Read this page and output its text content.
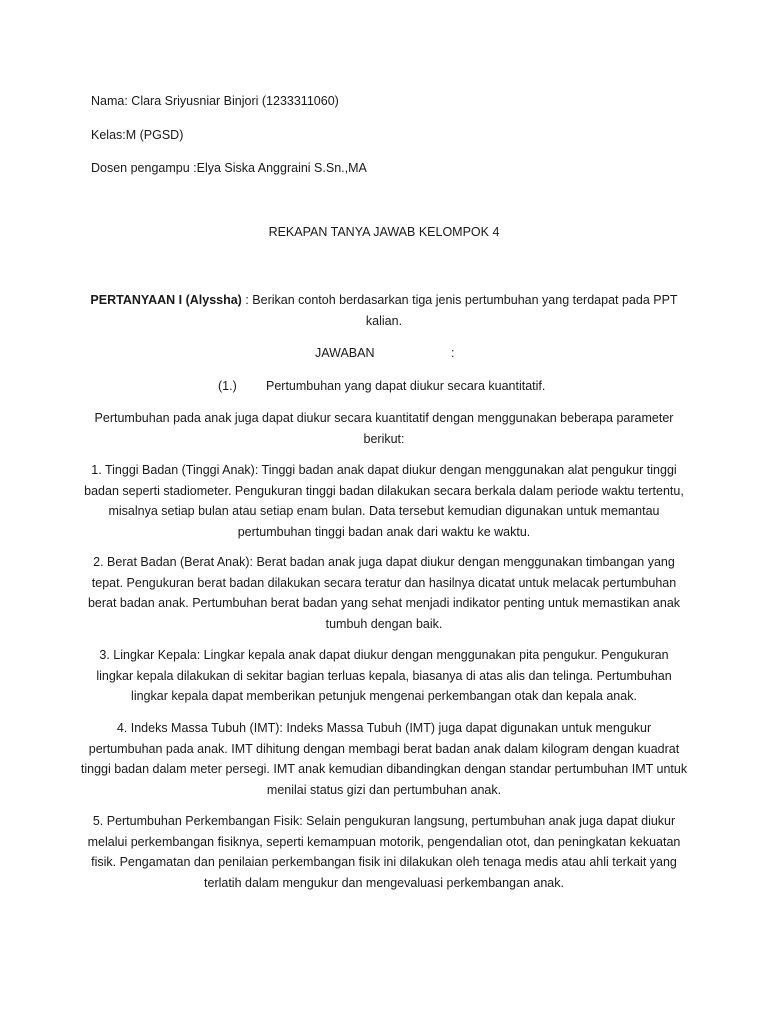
Nama: Clara Sriyusniar Binjori (1233311060)

Kelas:M (PGSD)

Dosen pengampu :Elya Siska Anggraini S.Sn.,MA

REKAPAN TANYA JAWAB KELOMPOK 4

PERTANYAAN I (Alyssha) : Berikan contoh berdasarkan tiga jenis pertumbuhan yang terdapat pada PPT kalian.

JAWABAN	:
(1.) Pertumbuhan yang dapat diukur secara kuantitatif.

Pertumbuhan pada anak juga dapat diukur secara kuantitatif dengan menggunakan beberapa parameter berikut:

1. Tinggi Badan (Tinggi Anak): Tinggi badan anak dapat diukur dengan menggunakan alat pengukur tinggi badan seperti stadiometer. Pengukuran tinggi badan dilakukan secara berkala dalam periode waktu tertentu, misalnya setiap bulan atau setiap enam bulan. Data tersebut kemudian digunakan untuk memantau pertumbuhan tinggi badan anak dari waktu ke waktu.

2. Berat Badan (Berat Anak): Berat badan anak juga dapat diukur dengan menggunakan timbangan yang tepat. Pengukuran berat badan dilakukan secara teratur dan hasilnya dicatat untuk melacak pertumbuhan berat badan anak. Pertumbuhan berat badan yang sehat menjadi indikator penting untuk memastikan anak tumbuh dengan baik.

3. Lingkar Kepala: Lingkar kepala anak dapat diukur dengan menggunakan pita pengukur. Pengukuran lingkar kepala dilakukan di sekitar bagian terluas kepala, biasanya di atas alis dan telinga. Pertumbuhan lingkar kepala dapat memberikan petunjuk mengenai perkembangan otak dan kepala anak.

4. Indeks Massa Tubuh (IMT): Indeks Massa Tubuh (IMT) juga dapat digunakan untuk mengukur pertumbuhan pada anak. IMT dihitung dengan membagi berat badan anak dalam kilogram dengan kuadrat tinggi badan dalam meter persegi. IMT anak kemudian dibandingkan dengan standar pertumbuhan IMT untuk menilai status gizi dan pertumbuhan anak.

5. Pertumbuhan Perkembangan Fisik: Selain pengukuran langsung, pertumbuhan anak juga dapat diukur melalui perkembangan fisiknya, seperti kemampuan motorik, pengendalian otot, dan peningkatan kekuatan fisik. Pengamatan dan penilaian perkembangan fisik ini dilakukan oleh tenaga medis atau ahli terkait yang terlatih dalam mengukur dan mengevaluasi perkembangan anak.
